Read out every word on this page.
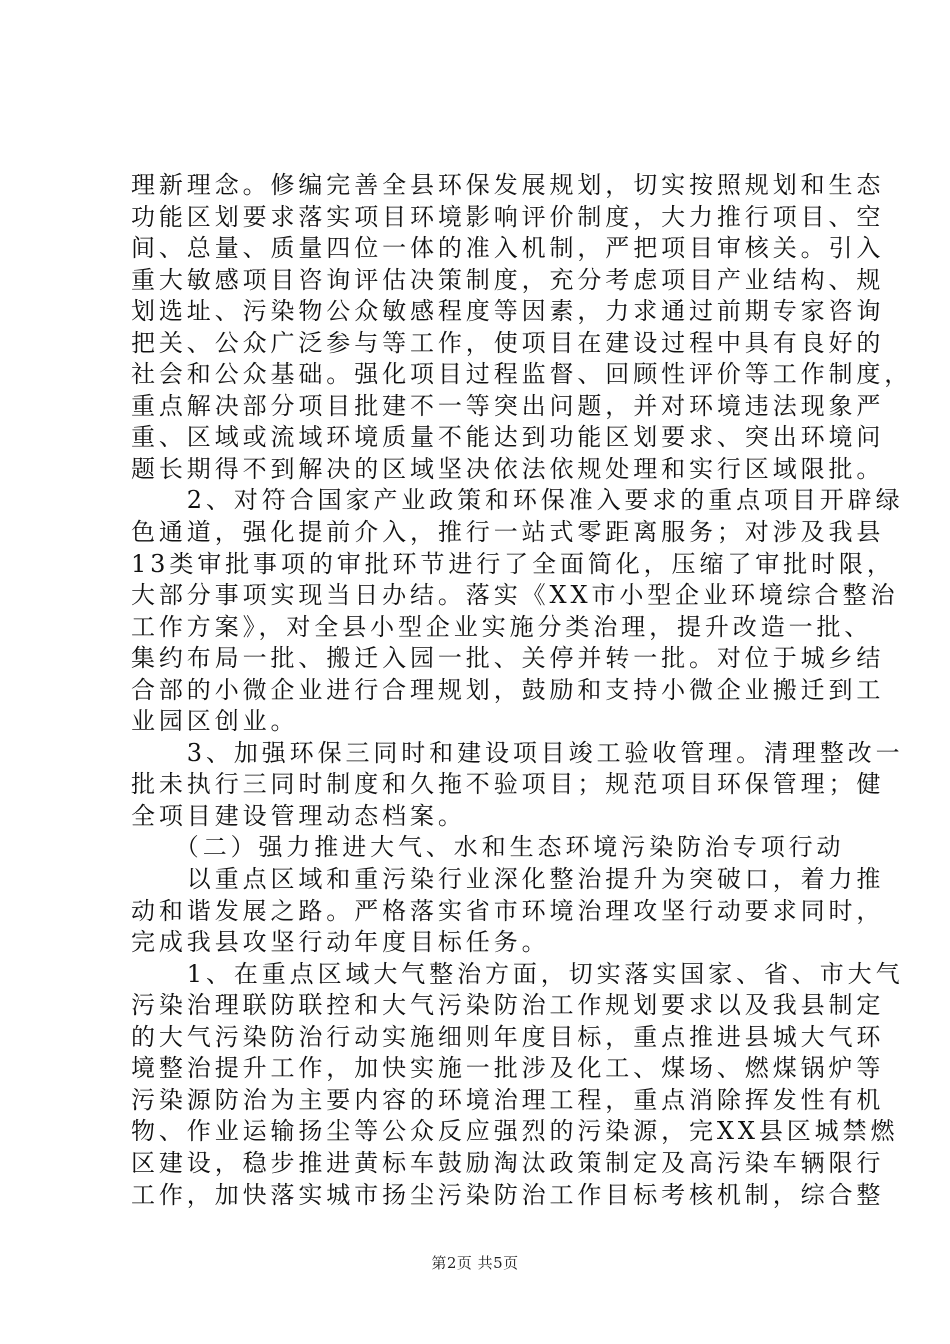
理新理念。修编完善全县环保发展规划，切实按照规划和生态
功能区划要求落实项目环境影响评价制度，大力推行项目、空
间、总量、质量四位一体的准入机制，严把项目审核关。引入
重大敏感项目咨询评估决策制度，充分考虑项目产业结构、规
划选址、污染物公众敏感程度等因素，力求通过前期专家咨询
把关、公众广泛参与等工作，使项目在建设过程中具有良好的
社会和公众基础。强化项目过程监督、回顾性评价等工作制度，
重点解决部分项目批建不一等突出问题，并对环境违法现象严
重、区域或流域环境质量不能达到功能区划要求、突出环境问
题长期得不到解决的区域坚决依法依规处理和实行区域限批。
　　2、对符合国家产业政策和环保准入要求的重点项目开辟绿
色通道，强化提前介入，推行一站式零距离服务；对涉及我县
13类审批事项的审批环节进行了全面简化，压缩了审批时限，
大部分事项实现当日办结。落实《XX市小型企业环境综合整治
工作方案》，对全县小型企业实施分类治理，提升改造一批、
集约布局一批、搬迁入园一批、关停并转一批。对位于城乡结
合部的小微企业进行合理规划，鼓励和支持小微企业搬迁到工
业园区创业。
　　3、加强环保三同时和建设项目竣工验收管理。清理整改一
批未执行三同时制度和久拖不验项目；规范项目环保管理；健
全项目建设管理动态档案。
　　（二）强力推进大气、水和生态环境污染防治专项行动
　　以重点区域和重污染行业深化整治提升为突破口，着力推
动和谐发展之路。严格落实省市环境治理攻坚行动要求同时，
完成我县攻坚行动年度目标任务。
　　1、在重点区域大气整治方面，切实落实国家、省、市大气
污染治理联防联控和大气污染防治工作规划要求以及我县制定
的大气污染防治行动实施细则年度目标，重点推进县城大气环
境整治提升工作，加快实施一批涉及化工、煤场、燃煤锅炉等
污染源防治为主要内容的环境治理工程，重点消除挥发性有机
物、作业运输扬尘等公众反应强烈的污染源，完XX县区城禁燃
区建设，稳步推进黄标车鼓励淘汰政策制定及高污染车辆限行
工作，加快落实城市扬尘污染防治工作目标考核机制，综合整
第2页 共5页
